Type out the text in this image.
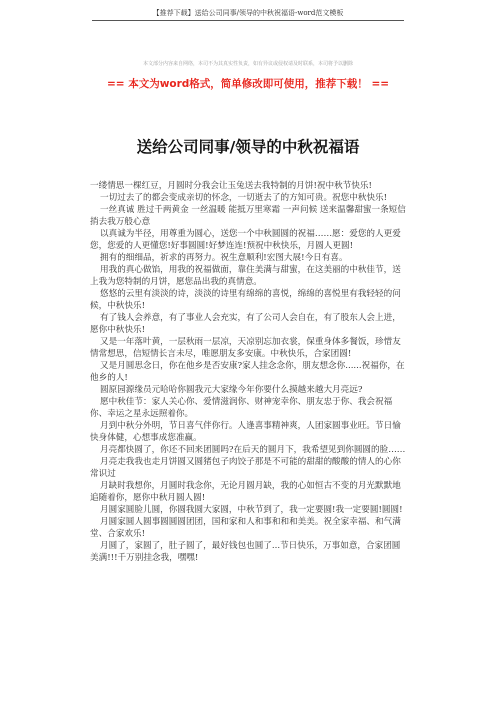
【推荐下载】送给公司同事/领导的中秋祝福语-word范文模板
本文部分内容来自网络，本司不为其真实性负责，如有异议或侵权请及时联系，本司将予以删除
== 本文为word格式，简单修改即可使用，推荐下载！ ==
送给公司同事/领导的中秋祝福语

一缕情思一棵红豆，月圆时分我会让玉兔送去我特制的月饼!祝中秋节快乐!

一切过去了的都会变成亲切的怀念，一切逝去了的方知可贵。祝您中秋快乐!

一丝真诚 胜过千两黄金 一丝温暖 能抵万里寒霜 一声问候 送来温馨甜蜜一条短信 捎去我万般心意

以真诚为半径，用尊重为圆心，送您一个中秋圆圆的祝福……愿：爱您的人更爱您，您爱的人更懂您!好事圆圆!好梦连连!预祝中秋快乐，月圆人更圆!

拥有的细细品，祈求的再努力。祝生意顺利!宏图大展!今日有喜。

用我的真心做馅，用我的祝福做面，靠住美满与甜蜜，在这美丽的中秋佳节，送上我为您特制的月饼，愿您品出我的真情意。

悠悠的云里有淡淡的诗，淡淡的诗里有绵绵的喜悦，绵绵的喜悦里有我轻轻的问候，中秋快乐!

有了钱人会养意，有了事业人会充实，有了公司人会自在，有了股东人会上进，愿你中秋快乐!

又是一年落叶黄，一层秋雨一层凉，天凉别忘加衣裳，保重身体多餐饭，珍惜友情常想思，信短情长言未尽，唯愿朋友多安康。中秋快乐，合家团圆!

又是月圆思念日，你在他乡是否安康?家人挂念念你，朋友想念你......祝福你，在他乡的人!

圆原园源缘员元哈哈你圆我元大家缘今年你要什么摸越来越大月亮远?

愿中秋佳节：家人关心你、爱情滋润你、财神宠幸你、朋友忠于你、我会祝福你、幸运之星永远照着你。

月到中秋分外明，节日喜气伴你行。人逢喜事精神爽，人团家圆事业旺。节日愉快身体健，心想事成您准赢。

月亮都快圆了，你还不回来团圆吗?在后天的圆月下，我希望见到你圆圆的脸……

月亮走我我也走月饼圆又圆猪包子肉饺子那是不可能的甜甜的酸酸的情人的心你常识过

月缺时我想你，月圆时我念你，无论月圆月缺，我的心如恒古不变的月光默默地追随着你，愿你中秋月圆人圆!

月圆家圆脸儿圆，你圆我圆大家圆，中秋节到了，我一定要圆!我一定要圆!圆圆!

月圆家圆人圆事圆圆圆团团，国和家和人和事和和和美美。祝全家幸福、和气满堂、合家欢乐!

月圆了，家圆了，肚子圆了，最好钱包也圆了...节日快乐，万事如意，合家团圆美满!!!千万别挂念我，嘿嘿!
